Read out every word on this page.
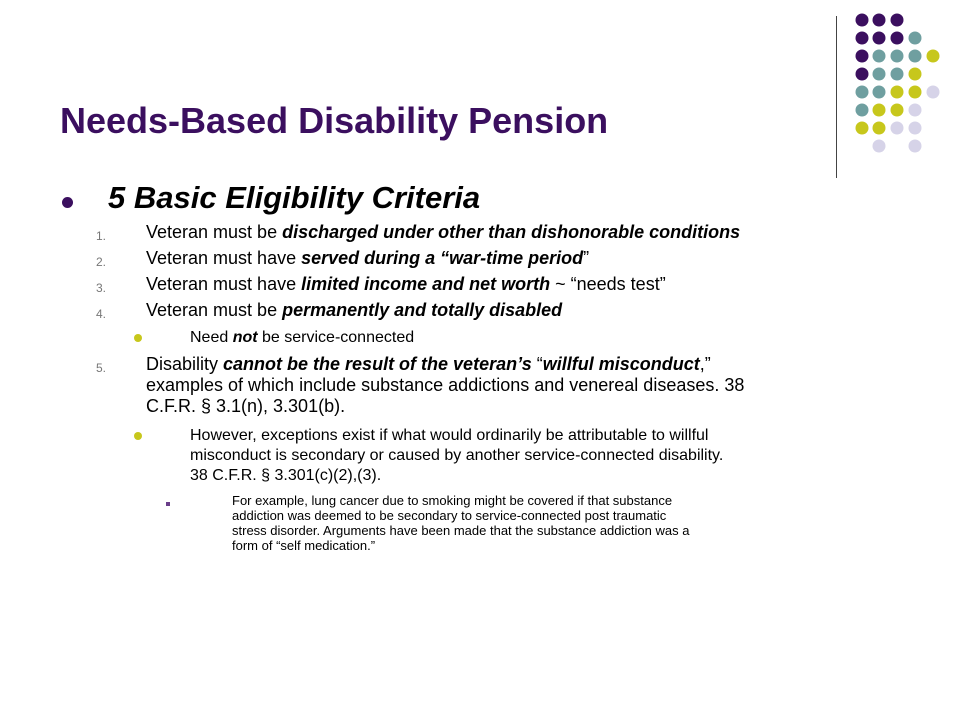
Needs-Based Disability Pension
5 Basic Eligibility Criteria
1. Veteran must be discharged under other than dishonorable conditions
2. Veteran must have served during a “war-time period”
3. Veteran must have limited income and net worth ~ “needs test”
4. Veteran must be permanently and totally disabled
Need not be service-connected
5. Disability cannot be the result of the veteran’s “willful misconduct,”
examples of which include substance addictions and venereal diseases. 38
C.F.R. § 3.1(n), 3.301(b).
However, exceptions exist if what would ordinarily be attributable to willful
misconduct is secondary or caused by another service-connected disability.
38 C.F.R. § 3.301(c)(2),(3).
For example, lung cancer due to smoking might be covered if that substance
addiction was deemed to be secondary to service-connected post traumatic
stress disorder. Arguments have been made that the substance addiction was a
form of “self medication.”
